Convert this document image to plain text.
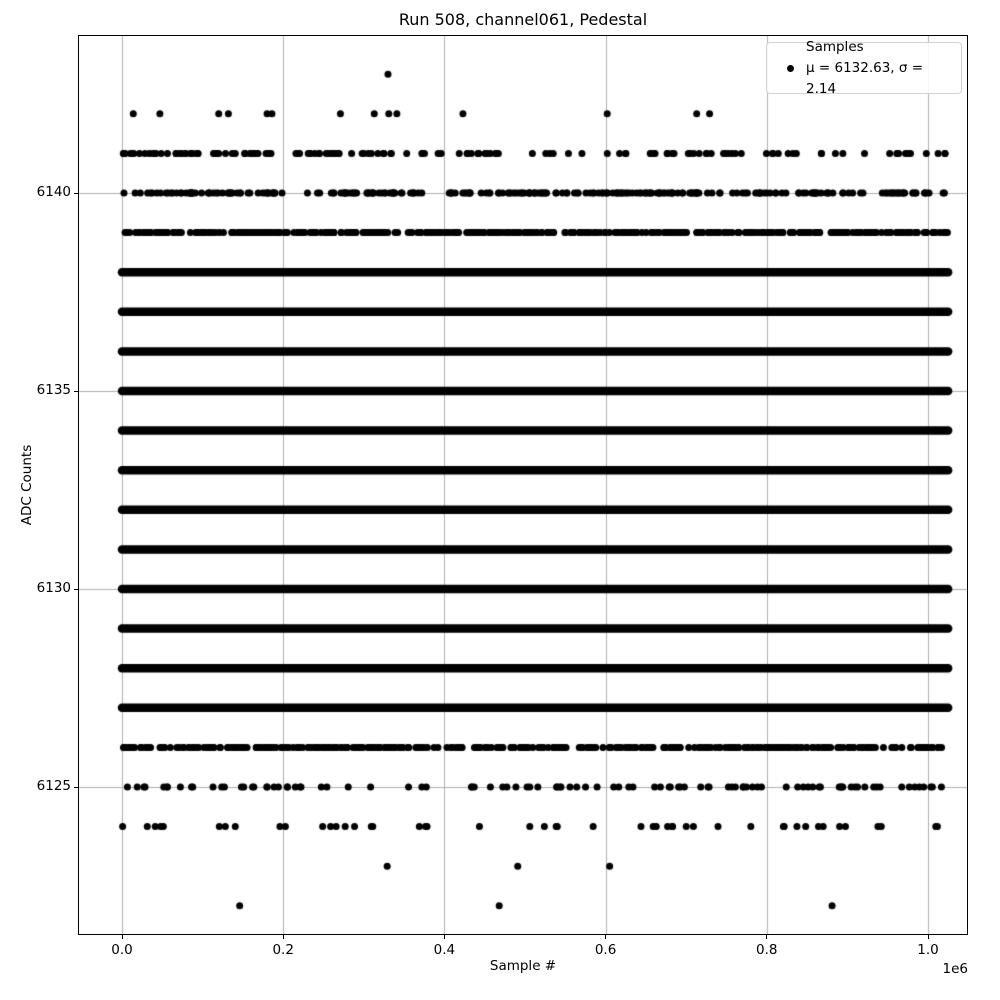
Run 508, channel061, Pedestal
ADC Counts
Sample #	1e6
Samples
μ = 6132.63, σ = 2.14
6125
6130
6135
6140
0.0	0.2	0.4	0.6	0.8	1.0
